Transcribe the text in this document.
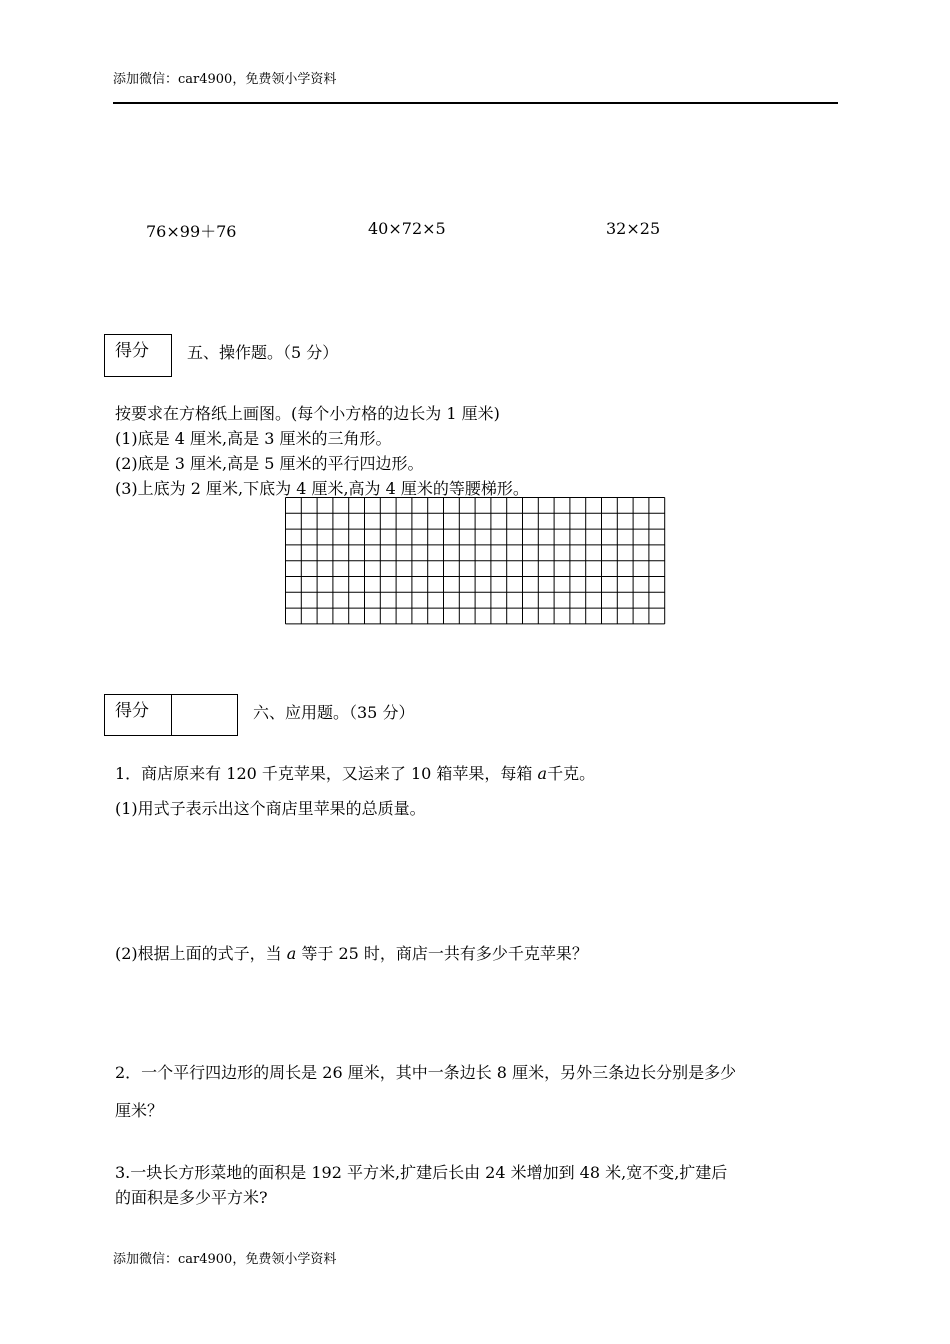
添加微信：car4900，免费领小学资料
76×99＋76	40×72×5	32×25
得分 五、操作题。（5 分）
按要求在方格纸上画图。(每个小方格的边长为 1 厘米)
(1)底是 4 厘米,高是 3 厘米的三角形。
(2)底是 3 厘米,高是 5 厘米的平行四边形。
(3)上底为 2 厘米,下底为 4 厘米,高为 4 厘米的等腰梯形。
得分	六、应用题。（35 分）
1．商店原来有 120 千克苹果，又运来了 10 箱苹果，每箱 a千克。
(1)用式子表示出这个商店里苹果的总质量。
(2)根据上面的式子，当 a 等于 25 时，商店一共有多少千克苹果？
2．一个平行四边形的周长是 26 厘米，其中一条边长 8 厘米，另外三条边长分别是多少
厘米？
3.一块长方形菜地的面积是 192 平方米,扩建后长由 24 米增加到 48 米,宽不变,扩建后
的面积是多少平方米?
添加微信：car4900，免费领小学资料
